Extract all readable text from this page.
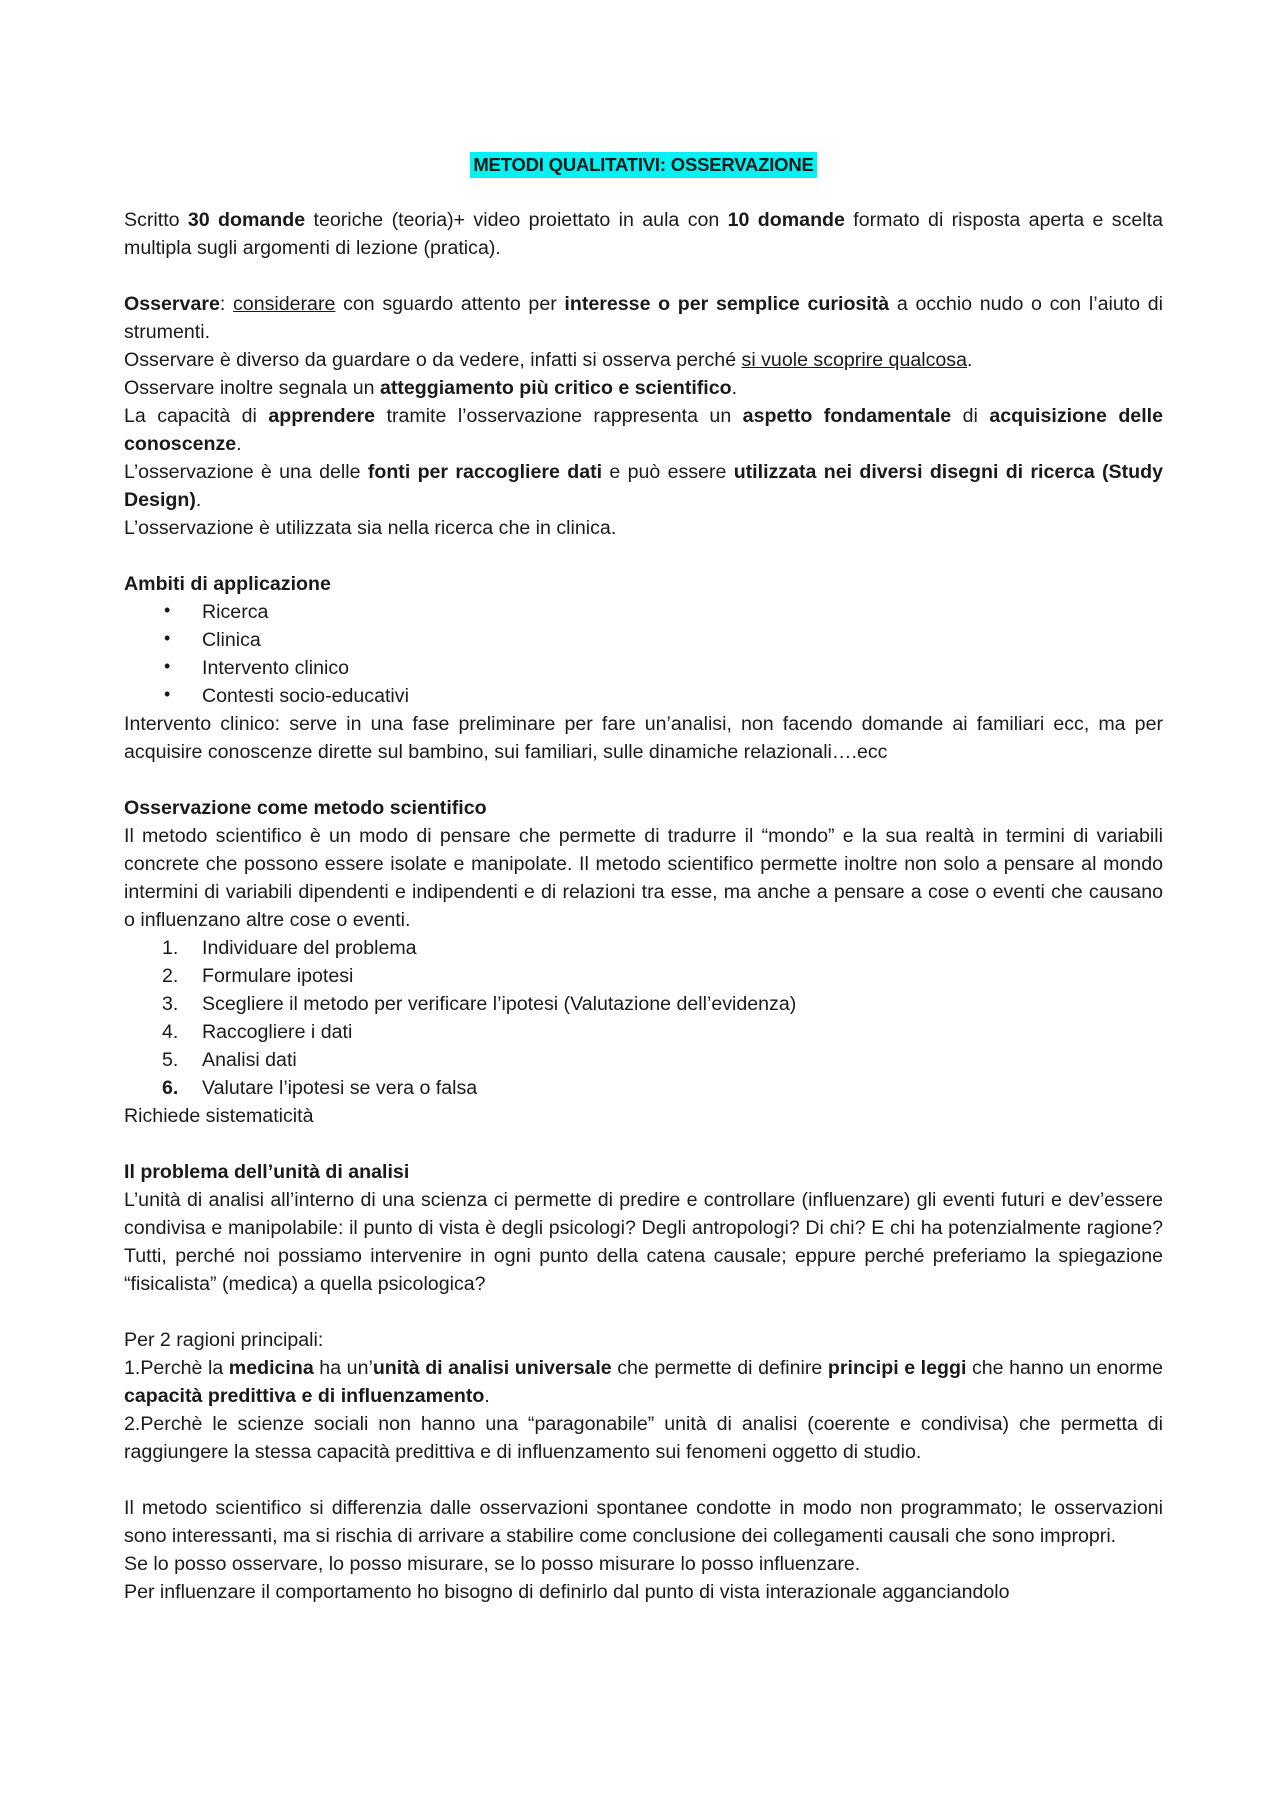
METODI QUALITATIVI: OSSERVAZIONE

Scritto 30 domande teoriche (teoria)+ video proiettato in aula con 10 domande formato di risposta aperta e scelta multipla sugli argomenti di lezione (pratica).

Osservare: considerare con sguardo attento per interesse o per semplice curiosità a occhio nudo o con l’aiuto di strumenti.

Osservare è diverso da guardare o da vedere, infatti si osserva perché si vuole scoprire qualcosa.

Osservare inoltre segnala un atteggiamento più critico e scientifico.

La capacità di apprendere tramite l’osservazione rappresenta un aspetto fondamentale di acquisizione delle conoscenze.

L’osservazione è una delle fonti per raccogliere dati e può essere utilizzata nei diversi disegni di ricerca (Study Design).

L’osservazione è utilizzata sia nella ricerca che in clinica.

Ambiti di applicazione

• Ricerca
• Clinica
• Intervento clinico
• Contesti socio-educativi

Intervento clinico: serve in una fase preliminare per fare un’analisi, non facendo domande ai familiari ecc, ma per acquisire conoscenze dirette sul bambino, sui familiari, sulle dinamiche relazionali….ecc

Osservazione come metodo scientifico

Il metodo scientifico è un modo di pensare che permette di tradurre il “mondo” e la sua realtà in termini di variabili concrete che possono essere isolate e manipolate. Il metodo scientifico permette inoltre non solo a pensare al mondo intermini di variabili dipendenti e indipendenti e di relazioni tra esse, ma anche a pensare a cose o eventi che causano o influenzano altre cose o eventi.

1. Individuare del problema
2. Formulare ipotesi
3. Scegliere il metodo per verificare l’ipotesi (Valutazione dell’evidenza)
4. Raccogliere i dati
5. Analisi dati
6. Valutare l’ipotesi se vera o falsa

Richiede sistematicità

Il problema dell’unità di analisi

L’unità di analisi all’interno di una scienza ci permette di predire e controllare (influenzare) gli eventi futuri e dev’essere condivisa e manipolabile: il punto di vista è degli psicologi? Degli antropologi? Di chi? E chi ha potenzialmente ragione? Tutti, perché noi possiamo intervenire in ogni punto della catena causale; eppure perché preferiamo la spiegazione “fisicalista” (medica) a quella psicologica?

Per 2 ragioni principali:

1.Perchè la medicina ha un’unità di analisi universale che permette di definire principi e leggi che hanno un enorme capacità predittiva e di influenzamento.

2.Perchè le scienze sociali non hanno una “paragonabile” unità di analisi (coerente e condivisa) che permetta di raggiungere la stessa capacità predittiva e di influenzamento sui fenomeni oggetto di studio.

Il metodo scientifico si differenzia dalle osservazioni spontanee condotte in modo non programmato; le osservazioni sono interessanti, ma si rischia di arrivare a stabilire come conclusione dei collegamenti causali che sono impropri.

Se lo posso osservare, lo posso misurare, se lo posso misurare lo posso influenzare.

Per influenzare il comportamento ho bisogno di definirlo dal punto di vista interazionale agganciandolo
